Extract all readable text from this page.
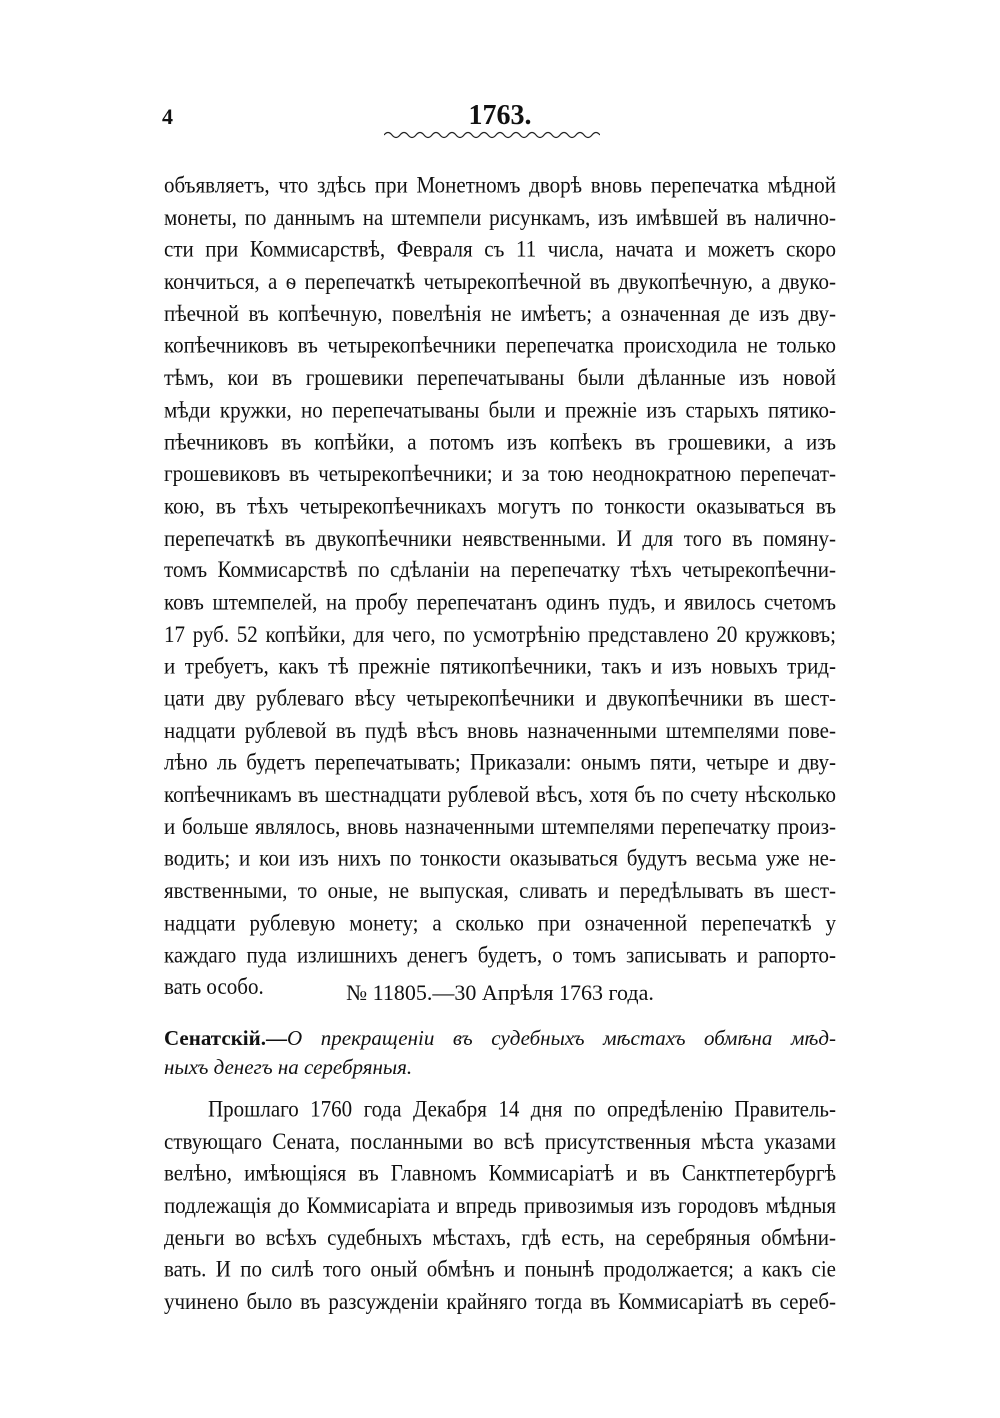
4	1763.
объявляетъ, что здѣсь при Монетномъ дворѣ вновь перепечатка мѣдной
монеты, по даннымъ на штемпели рисункамъ, изъ имѣвшей въ наличнo-
сти при Коммисарствѣ, Февраля съ 11 числа, начата и можетъ скоро
кончиться, а ѳ перепечаткѣ четырекопѣечной въ двукопѣечную, а двуко-
пѣечной въ копѣечную, повелѣнія не имѣетъ; а означенная де изъ дву-
копѣечниковъ въ четырекопѣечники перепечатка происходила не только
тѣмъ, кои въ грошевики перепечатываны были дѣланные изъ новой
мѣди кружки, но перепечатываны были и прежніе изъ старыхъ пятико-
пѣечниковъ въ копѣйки, а потомъ изъ копѣекъ въ грошевики, а изъ
грошевиковъ въ четырекопѣечники; и за тою неоднократною перепечат-
кою, въ тѣхъ четырекопѣечникахъ могутъ по тонкости оказываться въ
перепечаткѣ въ двукопѣечники неявственными. И для того въ помяну-
томъ Коммисарствѣ по сдѣланіи на перепечатку тѣхъ четырекопѣечни-
ковъ штемпелей, на пробу перепечатанъ одинъ пудъ, и явилось счетомъ
17 руб. 52 копѣйки, для чего, по усмотрѣнію представлено 20 кружковъ;
и требуетъ, какъ тѣ прежніе пятикопѣечники, такъ и изъ новыхъ трид-
цати дву рублеваго вѣсу четырекопѣечники и двукопѣечники въ шест-
надцати рублевой въ пудѣ вѣсъ вновь назначенными штемпелями пове-
лѣно ль будетъ перепечатывать; Приказали: онымъ пяти, четыре и дву-
копѣечникамъ въ шестнадцати рублевой вѣсъ, хотя бъ по счету нѣсколько
и больше являлось, вновь назначенными штемпелями перепечатку произ-
водить; и кои изъ нихъ по тонкости оказываться будутъ весьма уже не-
явственными, то оные, не выпуская, сливать и передѣлывать въ шест-
надцати рублевую монету; а сколько при означенной перепечаткѣ у
каждаго пуда излишнихъ денегъ будетъ, о томъ записывать и рапорто-
вать особо.	№ 11805.—30 Апрѣля 1763 года.
Сенатскій.—О прекращеніи въ судебныхъ мѣстахъ обмѣна мѣд-
ныхъ денегъ на серебряныя.
Прошлаго 1760 года Декабря 14 дня по опредѣленію Правитель-
ствующаго Сената, посланными во всѣ присутственныя мѣста указами
велѣно, имѣющіяся въ Главномъ Коммисаріатѣ и въ Санктпетербургѣ
подлежащія до Коммисаріата и впредь привозимыя изъ городовъ мѣдныя
деньги во всѣхъ судебныхъ мѣстахъ, гдѣ есть, на серебряныя обмѣни-
вать. И по силѣ того оный обмѣнъ и понынѣ продолжается; а какъ сіе
учинено было въ разсужденіи крайняго тогда въ Коммисаріатѣ въ сереб-
